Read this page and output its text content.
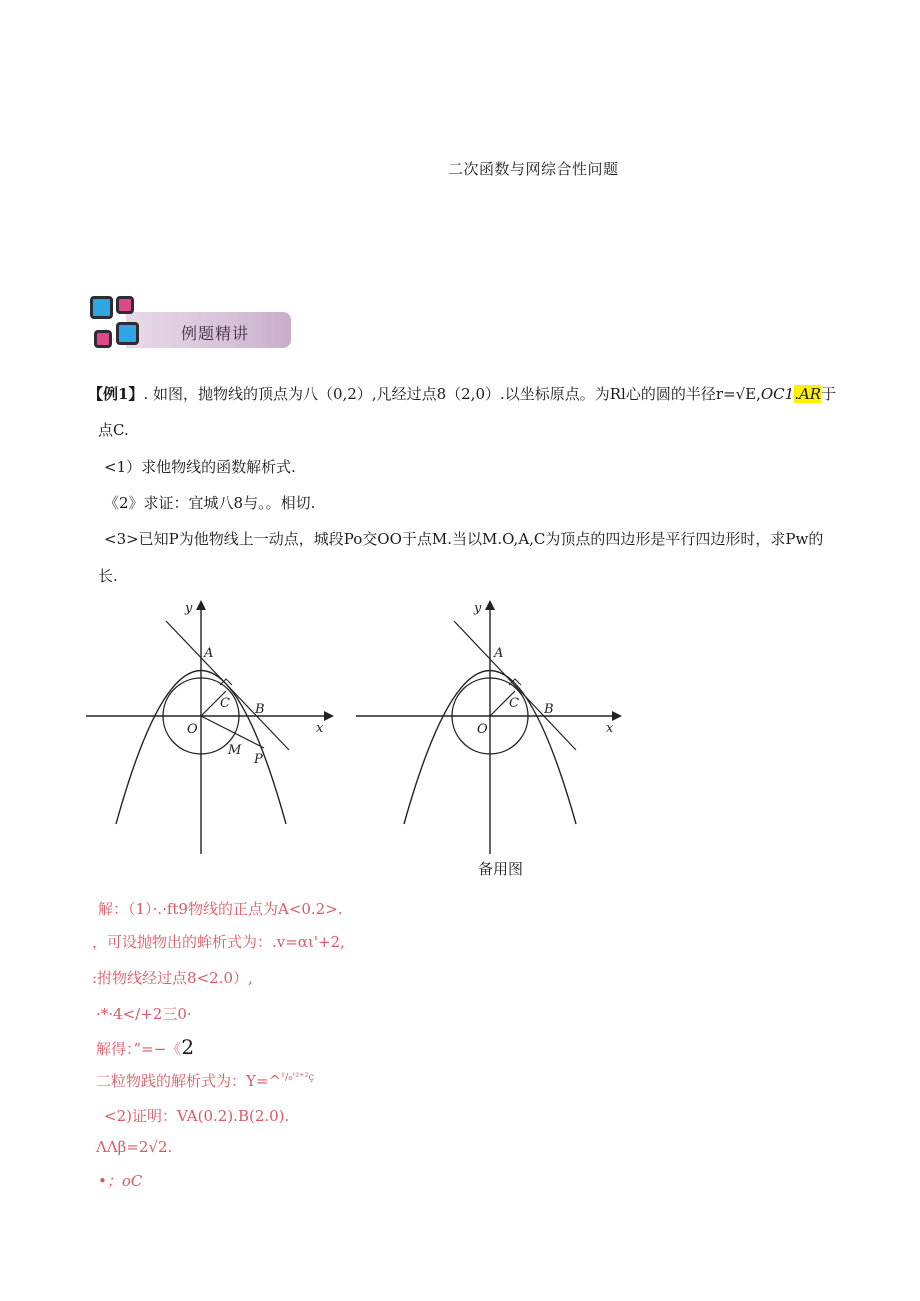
二次函数与网综合性问题
例题精讲
【例1】. 如图，抛物线的顶点为八（0,2）,凡经过点8（2,0）.以坐标原点。为Rl心的圆的半径r=√E,OC1.AR于
点C.
<1）求他物线的函数解析式.
《2》求证：宜城八8与。。相切.
<3>已知P为他物线上一动点，城段Po交OO于点M.当以M.O,A,C为顶点的四边形是平行四边形时，求Pw的
长.
y
x
A
B
C
O
M
P
y
x
A
B
C
O
备用图
解：（1）·.·ft9物线的正点为A<0.2>.
，可设抛物出的蛑析式为：.v=αι'+2,
:拊物线经过点8<2.0）,
·*·4</+2三0·
解得：”=−《2
二粒物践的解析式为：Y=^$^{^1∕_8'^{2+2}ç}$
<2)证明：VA(0.2).B(2.0).
ΛΛβ=2√2.
•；oC
